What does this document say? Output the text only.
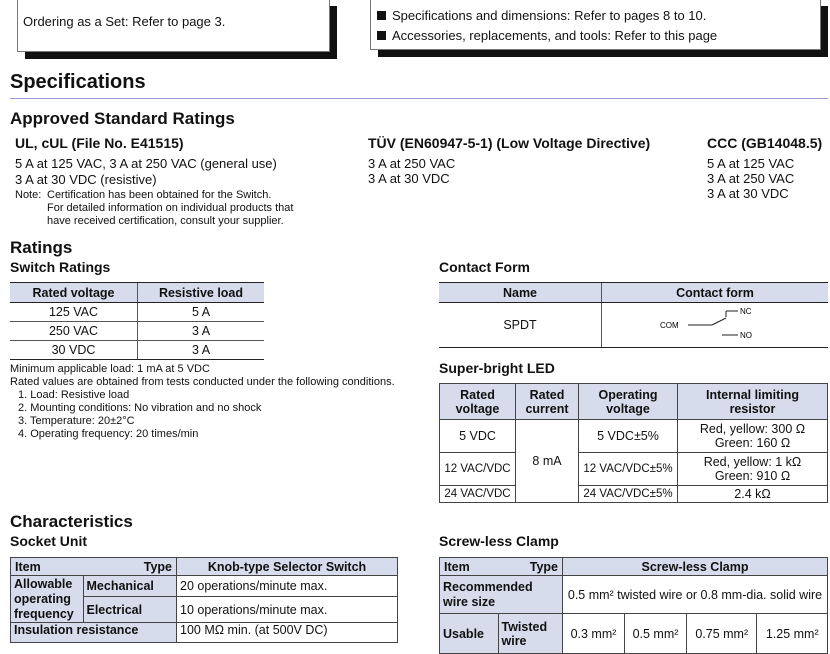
Ordering as a Set: Refer to page 3.	Specifications and dimensions: Refer to pages 8 to 10.
Accessories, replacements, and tools: Refer to this page
Specifications
Approved Standard Ratings
UL, cUL (File No. E41515)
5 A at 125 VAC, 3 A at 250 VAC (general use)
3 A at 30 VDC (resistive)
Note: Certification has been obtained for the Switch.
For detailed information on individual products that
have received certification, consult your supplier.
TÜV (EN60947-5-1) (Low Voltage Directive)
3 A at 250 VAC
3 A at 30 VDC
CCC (GB14048.5)
5 A at 125 VAC
3 A at 250 VAC
3 A at 30 VDC
Ratings
Switch Ratings
Rated voltage	Resistive load
125 VAC	5 A
250 VAC	3 A
30 VDC	3 A
Minimum applicable load: 1 mA at 5 VDC
Rated values are obtained from tests conducted under the following conditions.
1. Load: Resistive load
2. Mounting conditions: No vibration and no shock
3. Temperature: 20±2°C
4. Operating frequency: 20 times/min
Contact Form
Name	Contact form
SPDT	COM
NC
NO
Super-bright LED
Rated voltage	Rated current	Operating voltage	Internal limiting resistor
5 VDC	8 mA	5 VDC±5%	Red, yellow: 300 Ω
Green: 160 Ω

12 VAC/VDC		12 VAC/VDC±5%	Red, yellow: 1 kΩ
Green: 910 Ω

24 VAC/VDC		24 VAC/VDC±5%	2.4 kΩ
Characteristics
Socket Unit
Item	Type	Knob-type Selector Switch
Allowable operating frequency	Mechanical	20 operations/minute max.
	Electrical	10 operations/minute max.
Insulation resistance		100 MΩ min. (at 500V DC)
Screw-less Clamp
Item	Type	Screw-less Clamp			
Recommended wire size		0.5 mm² twisted wire or 0.8 mm-dia. solid wire			
Usable	Twisted wire	0.3 mm²	0.5 mm²	0.75 mm²	1.25 mm²
